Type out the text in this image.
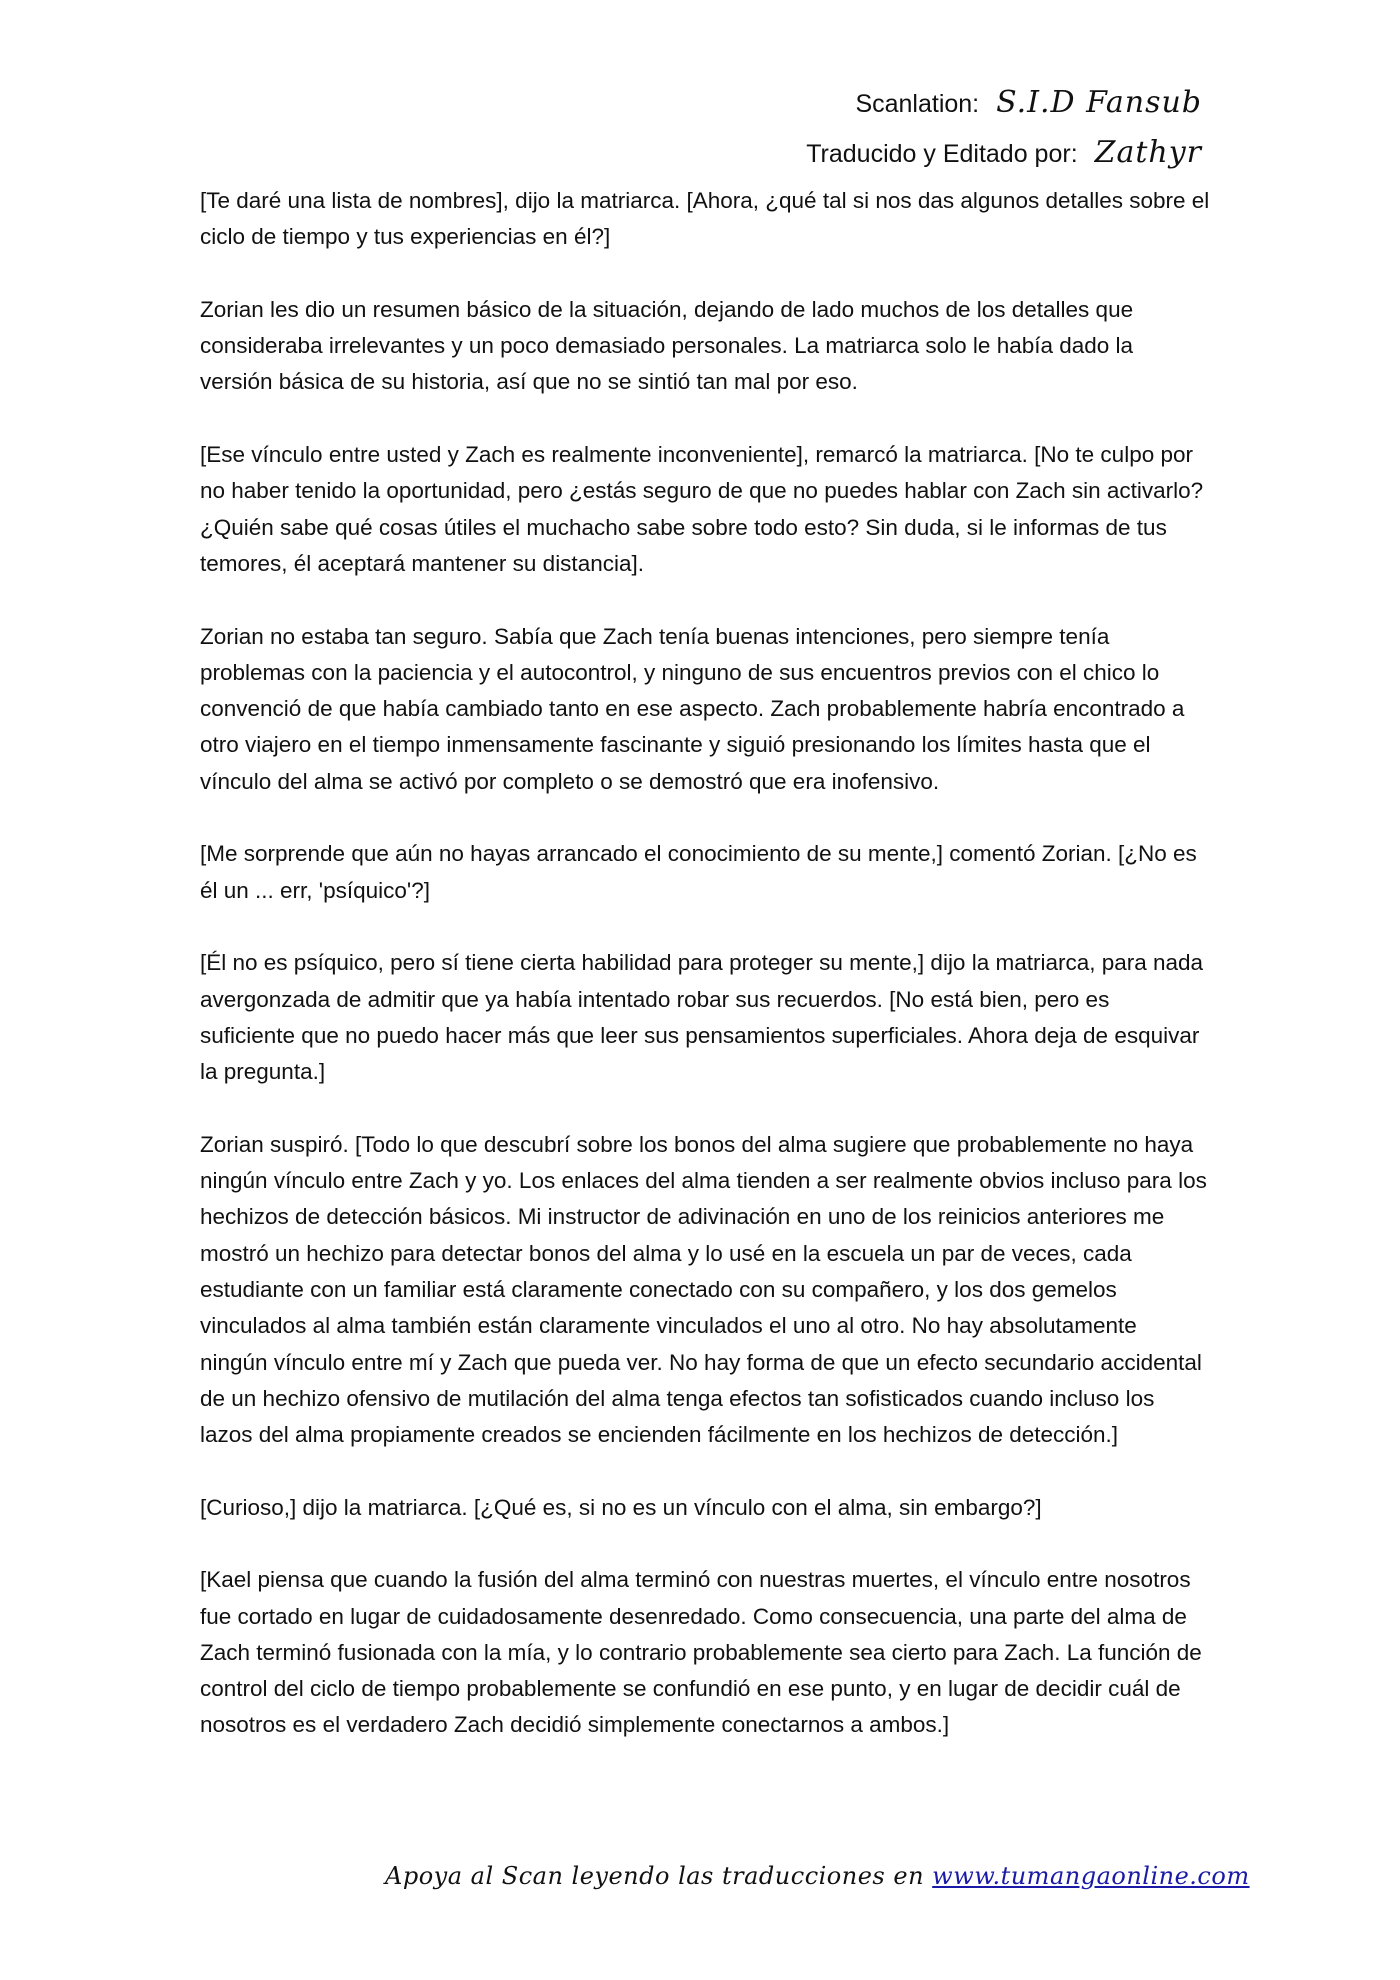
Scanlation: S.I.D Fansub
Traducido y Editado por: Zathyr

[Te daré una lista de nombres], dijo la matriarca. [Ahora, ¿qué tal si nos das algunos detalles sobre el ciclo de tiempo y tus experiencias en él?]

Zorian les dio un resumen básico de la situación, dejando de lado muchos de los detalles que consideraba irrelevantes y un poco demasiado personales. La matriarca solo le había dado la versión básica de su historia, así que no se sintió tan mal por eso.

[Ese vínculo entre usted y Zach es realmente inconveniente], remarcó la matriarca. [No te culpo por no haber tenido la oportunidad, pero ¿estás seguro de que no puedes hablar con Zach sin activarlo? ¿Quién sabe qué cosas útiles el muchacho sabe sobre todo esto? Sin duda, si le informas de tus temores, él aceptará mantener su distancia].

Zorian no estaba tan seguro. Sabía que Zach tenía buenas intenciones, pero siempre tenía problemas con la paciencia y el autocontrol, y ninguno de sus encuentros previos con el chico lo convenció de que había cambiado tanto en ese aspecto. Zach probablemente habría encontrado a otro viajero en el tiempo inmensamente fascinante y siguió presionando los límites hasta que el vínculo del alma se activó por completo o se demostró que era inofensivo.

[Me sorprende que aún no hayas arrancado el conocimiento de su mente,] comentó Zorian. [¿No es él un ... err, 'psíquico'?]

[Él no es psíquico, pero sí tiene cierta habilidad para proteger su mente,] dijo la matriarca, para nada avergonzada de admitir que ya había intentado robar sus recuerdos. [No está bien, pero es suficiente que no puedo hacer más que leer sus pensamientos superficiales. Ahora deja de esquivar la pregunta.]

Zorian suspiró. [Todo lo que descubrí sobre los bonos del alma sugiere que probablemente no haya ningún vínculo entre Zach y yo. Los enlaces del alma tienden a ser realmente obvios incluso para los hechizos de detección básicos. Mi instructor de adivinación en uno de los reinicios anteriores me mostró un hechizo para detectar bonos del alma y lo usé en la escuela un par de veces, cada estudiante con un familiar está claramente conectado con su compañero, y los dos gemelos vinculados al alma también están claramente vinculados el uno al otro. No hay absolutamente ningún vínculo entre mí y Zach que pueda ver. No hay forma de que un efecto secundario accidental de un hechizo ofensivo de mutilación del alma tenga efectos tan sofisticados cuando incluso los lazos del alma propiamente creados se encienden fácilmente en los hechizos de detección.]

[Curioso,] dijo la matriarca. [¿Qué es, si no es un vínculo con el alma, sin embargo?]

[Kael piensa que cuando la fusión del alma terminó con nuestras muertes, el vínculo entre nosotros fue cortado en lugar de cuidadosamente desenredado. Como consecuencia, una parte del alma de Zach terminó fusionada con la mía, y lo contrario probablemente sea cierto para Zach. La función de control del ciclo de tiempo probablemente se confundió en ese punto, y en lugar de decidir cuál de nosotros es el verdadero Zach decidió simplemente conectarnos a ambos.]

Apoya al Scan leyendo las traducciones en www.tumangaonline.com
